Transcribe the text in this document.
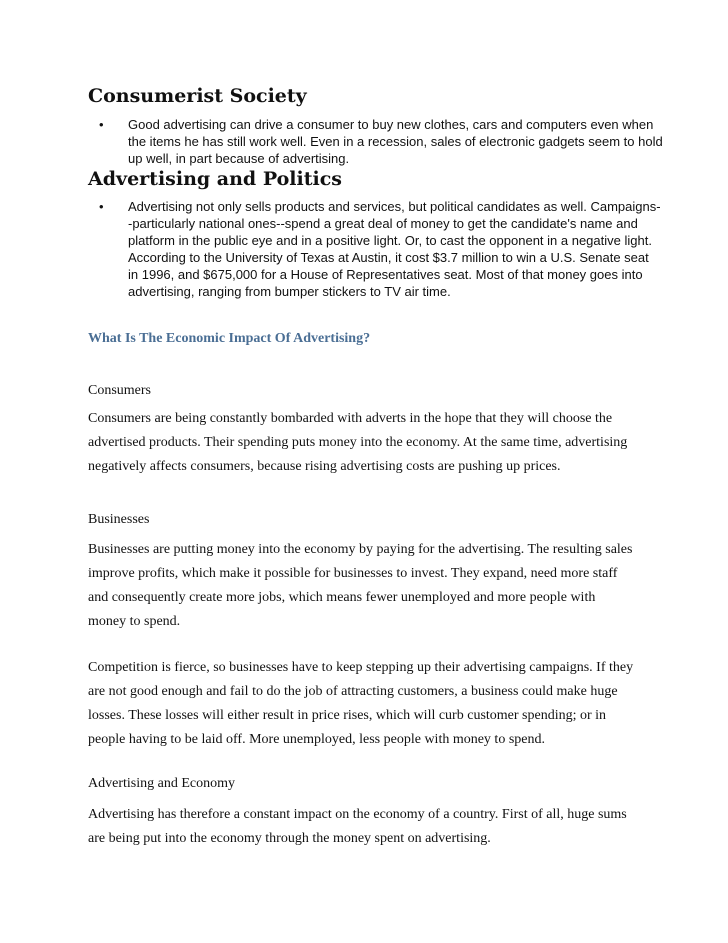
Consumerist Society
• Good advertising can drive a consumer to buy new clothes, cars and computers even when
the items he has still work well. Even in a recession, sales of electronic gadgets seem to hold
up well, in part because of advertising.
Advertising and Politics
• Advertising not only sells products and services, but political candidates as well. Campaigns-
-particularly national ones--spend a great deal of money to get the candidate's name and
platform in the public eye and in a positive light. Or, to cast the opponent in a negative light.
According to the University of Texas at Austin, it cost $3.7 million to win a U.S. Senate seat
in 1996, and $675,000 for a House of Representatives seat. Most of that money goes into
advertising, ranging from bumper stickers to TV air time.
What Is The Economic Impact Of Advertising?

Consumers

Consumers are being constantly bombarded with adverts in the hope that they will choose the
advertised products. Their spending puts money into the economy. At the same time, advertising
negatively affects consumers, because rising advertising costs are pushing up prices.

Businesses

Businesses are putting money into the economy by paying for the advertising. The resulting sales
improve profits, which make it possible for businesses to invest. They expand, need more staff
and consequently create more jobs, which means fewer unemployed and more people with
money to spend.
Competition is fierce, so businesses have to keep stepping up their advertising campaigns. If they
are not good enough and fail to do the job of attracting customers, a business could make huge
losses. These losses will either result in price rises, which will curb customer spending; or in
people having to be laid off. More unemployed, less people with money to spend.

Advertising and Economy

Advertising has therefore a constant impact on the economy of a country. First of all, huge sums
are being put into the economy through the money spent on advertising.
